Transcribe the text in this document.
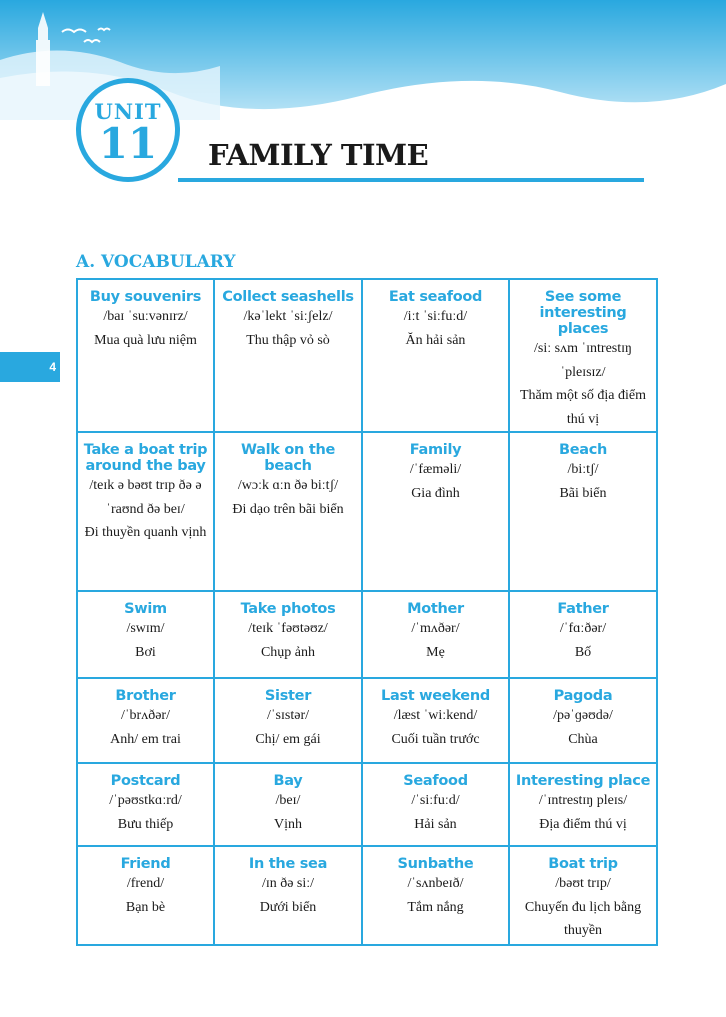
UNIT
11	FAMILY TIME
4
A. VOCABULARY
Buy souvenirs
/baɪ ˈsuːvənɪrz/
Mua quà lưu niệm	Collect seashells
/kəˈlekt ˈsiːʃelz/
Thu thập vỏ sò	Eat seafood
/iːt ˈsiːfuːd/
Ăn hải sản	See some interesting places
/siː sʌm ˈɪntrestɪŋ ˈpleɪsɪz/
Thăm một số địa điểm thú vị

Take a boat trip around the bay
/teɪk ə bəʊt trɪp ðə əˈraʊnd ðə beɪ/
Đi thuyền quanh vịnh	Walk on the beach
/wɔːk ɑːn ðə biːtʃ/
Đi dạo trên bãi biển	Family
/ˈfæməli/
Gia đình	Beach
/biːtʃ/
Bãi biển

Swim
/swɪm/
Bơi	Take photos
/teɪk ˈfəʊtəʊz/
Chụp ảnh	Mother
/ˈmʌðər/
Mẹ	Father
/ˈfɑːðər/
Bố

Brother
/ˈbrʌðər/
Anh/ em trai	Sister
/ˈsɪstər/
Chị/ em gái	Last weekend
/læst ˈwiːkend/
Cuối tuần trước	Pagoda
/pəˈɡəʊdə/
Chùa

Postcard
/ˈpəʊstkɑːrd/
Bưu thiếp	Bay
/beɪ/
Vịnh	Seafood
/ˈsiːfuːd/
Hải sản	Interesting place
/ˈɪntrestɪŋ pleɪs/
Địa điểm thú vị

Friend
/frend/
Bạn bè	In the sea
/ɪn ðə siː/
Dưới biển	Sunbathe
/ˈsʌnbeɪð/
Tắm nắng	Boat trip
/bəʊt trɪp/
Chuyến đu lịch bằng thuyền
